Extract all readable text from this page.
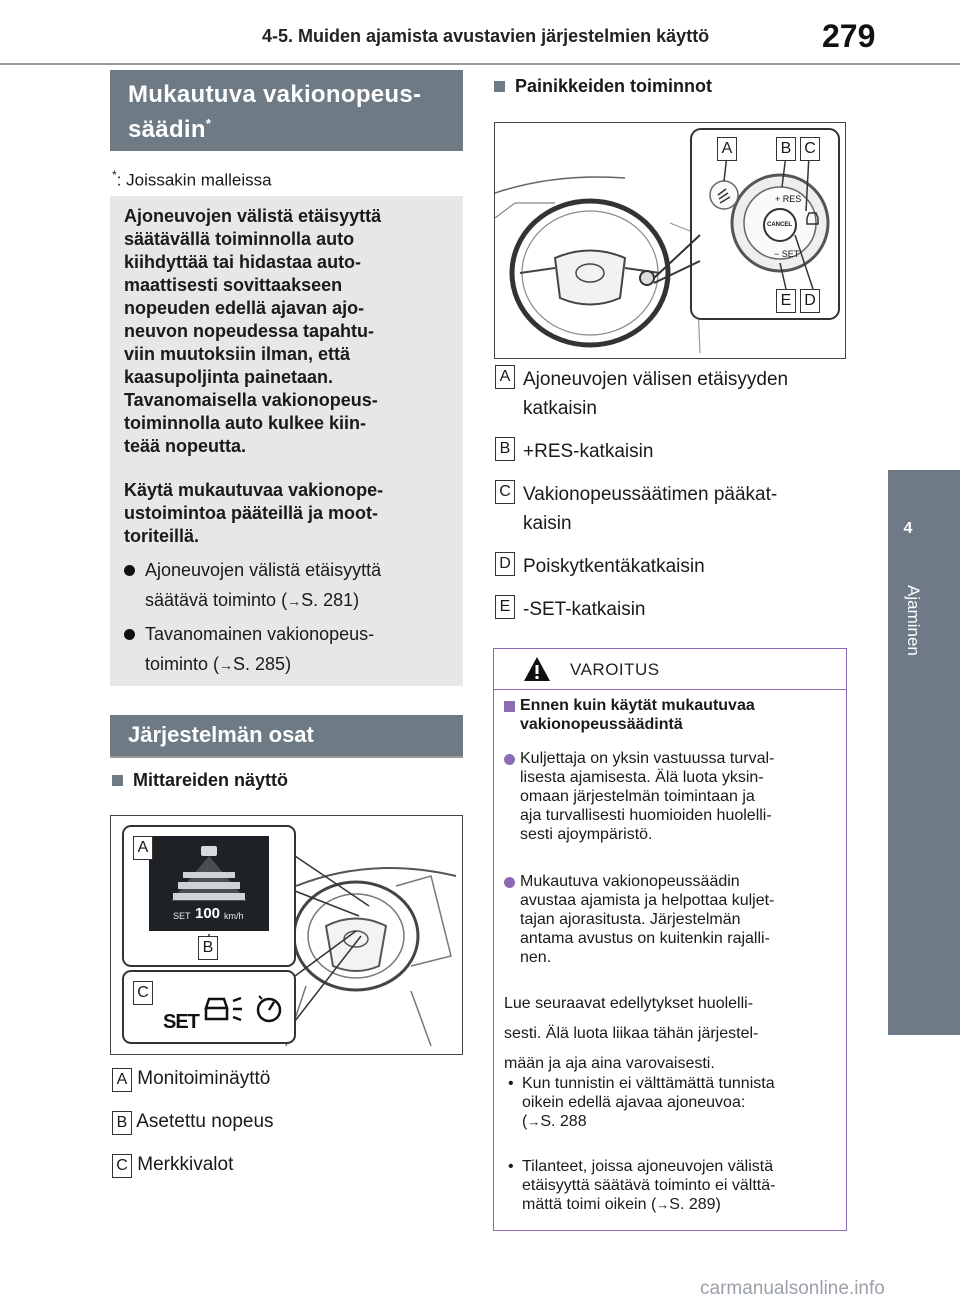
4-5. Muiden ajamista avustavien järjestelmien käyttö	279
4
Ajaminen
Mukautuva vakionopeus-
säädin*
*: Joissakin malleissa
Ajoneuvojen välistä etäisyyttä
säätävällä toiminnolla auto
kiihdyttää tai hidastaa auto-
maattisesti sovittaakseen
nopeuden edellä ajavan ajo-
neuvon nopeudessa tapahtu-
viin muutoksiin ilman, että
kaasupoljinta painetaan.
Tavanomaisella vakionopeus-
toiminnolla auto kulkee kiin-
teää nopeutta.
Käytä mukautuvaa vakionope-
ustoimintoa pääteillä ja moot-
toriteillä.
Ajoneuvojen välistä etäisyyttä
säätävä toiminto (→S. 281)
Tavanomainen vakionopeus-
toiminto (→S. 285)
Järjestelmän osat
Mittareiden näyttö
SET 100 km/h
SET
A
B
C
A Monitoiminäyttö
B Asetettu nopeus
C Merkkivalot
Painikkeiden toiminnot
+ RES
CANCEL
− SET
A	B C
E D
A Ajoneuvojen välisen etäisyyden
katkaisin
B +RES-katkaisin
C Vakionopeussäätimen pääkat-
kaisin
D Poiskytkentäkatkaisin
E -SET-katkaisin
VAROITUS
Ennen kuin käytät mukautuvaa
vakionopeussäädintä
Kuljettaja on yksin vastuussa turval-
lisesta ajamisesta. Älä luota yksin-
omaan järjestelmän toimintaan ja
aja turvallisesti huomioiden huolelli-
sesti ajoympäristö.
Mukautuva vakionopeussäädin
avustaa ajamista ja helpottaa kuljet-
tajan ajorasitusta. Järjestelmän
antama avustus on kuitenkin rajalli-
nen.
Lue seuraavat edellytykset huolelli-
sesti. Älä luota liikaa tähän järjestel-
mään ja aja aina varovaisesti.
• Kun tunnistin ei välttämättä tunnista
oikein edellä ajavaa ajoneuvoa:
(→S. 288
• Tilanteet, joissa ajoneuvojen välistä
etäisyyttä säätävä toiminto ei välttä-
mättä toimi oikein (→S. 289)
carmanualsonline.info
